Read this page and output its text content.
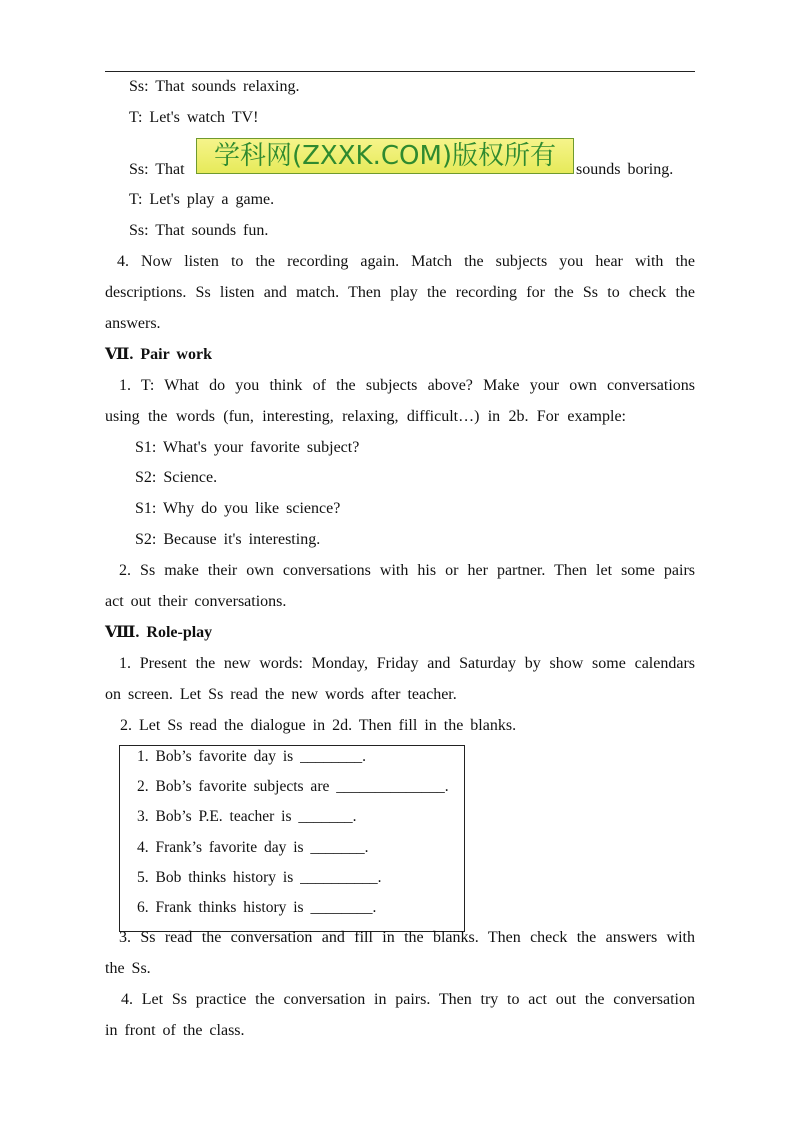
Ss: That sounds relaxing.
T: Let's watch TV!
Ss: That	学科网(ZXXK.COM)版权所有	sounds boring.
T: Let's play a game.
Ss: That sounds fun.
4. Now listen to the recording again. Match the subjects you hear with the
descriptions. Ss listen and match. Then play the recording for the Ss to check the
answers.
Ⅶ. Pair work
1. T: What do you think of the subjects above? Make your own conversations
using the words (fun, interesting, relaxing, difficult…) in 2b. For example:
S1: What's your favorite subject?
S2: Science.
S1: Why do you like science?
S2: Because it's interesting.
2. Ss make their own conversations with his or her partner. Then let some pairs
act out their conversations.
Ⅷ. Role-play
1. Present the new words: Monday, Friday and Saturday by show some calendars
on screen. Let Ss read the new words after teacher.
2. Let Ss read the dialogue in 2d. Then fill in the blanks.
1. Bob’s favorite day is ________.
2. Bob’s favorite subjects are ______________.
3. Bob’s P.E. teacher is _______.
4. Frank’s favorite day is _______.
5. Bob thinks history is __________.
6. Frank thinks history is ________.
3. Ss read the conversation and fill in the blanks. Then check the answers with
the Ss.
4. Let Ss practice the conversation in pairs. Then try to act out the conversation
in front of the class.
